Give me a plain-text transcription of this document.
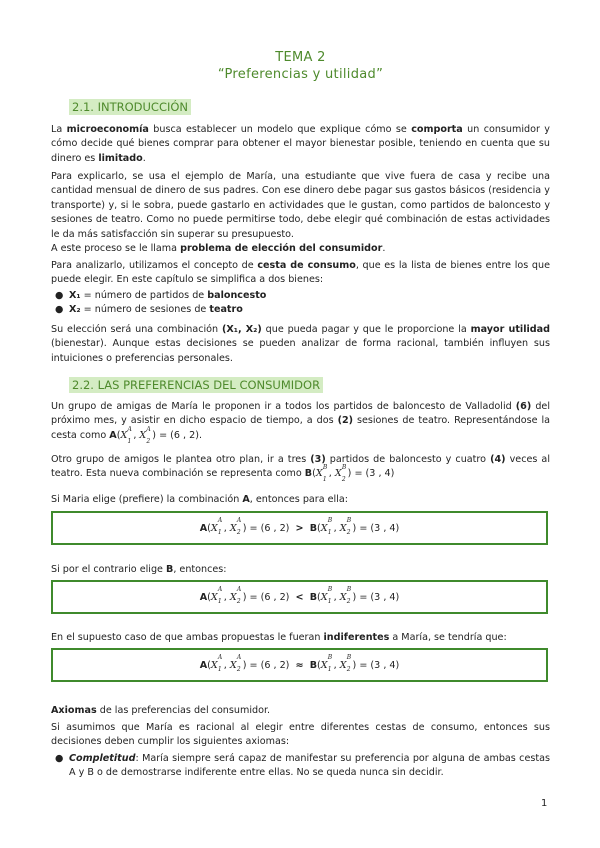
TEMA 2
“Preferencias y utilidad”
2.1. INTRODUCCIÓN

La microeconomía busca establecer un modelo que explique cómo se comporta un consumidor y cómo decide qué bienes comprar para obtener el mayor bienestar posible, teniendo en cuenta que su dinero es limitado.

Para explicarlo, se usa el ejemplo de María, una estudiante que vive fuera de casa y recibe una cantidad mensual de dinero de sus padres. Con ese dinero debe pagar sus gastos básicos (residencia y transporte) y, si le sobra, puede gastarlo en actividades que le gustan, como partidos de baloncesto y sesiones de teatro. Como no puede permitirse todo, debe elegir qué combinación de estas actividades le da más satisfacción sin superar su presupuesto.

A este proceso se le llama problema de elección del consumidor.

Para analizarlo, utilizamos el concepto de cesta de consumo, que es la lista de bienes entre los que puede elegir. En este capítulo se simplifica a dos bienes:

● X₁ = número de partidos de baloncesto
● X₂ = número de sesiones de teatro

Su elección será una combinación (X₁, X₂) que pueda pagar y que le proporcione la mayor utilidad (bienestar). Aunque estas decisiones se pueden analizar de forma racional, también influyen sus intuiciones o preferencias personales.

2.2. LAS PREFERENCIAS DEL CONSUMIDOR

Un grupo de amigas de María le proponen ir a todos los partidos de baloncesto de Valladolid (6) del próximo mes, y asistir en dicho espacio de tiempo, a dos (2) sesiones de teatro. Representándose la cesta como A(X
A
1
, X
A
2
) = (6 , 2).

Otro grupo de amigos le plantea otro plan, ir a tres (3) partidos de baloncesto y cuatro (4) veces al teatro. Esta nueva combinación se representa como B(X
B
1
, X
B
2
) = (3 , 4)

Si Maria elige (prefiere) la combinación A, entonces para ella:

A(X
A
1 , X
A
2 ) = (6 , 2) > B(X
B
1 , X
B
2 ) = (3 , 4)

Si por el contrario elige B, entonces:

A(X
A
1 , X
A
2 ) = (6 , 2) < B(X
B
1 , X
B
2 ) = (3 , 4)

En el supuesto caso de que ambas propuestas le fueran indiferentes a María, se tendría que:

A(X
A
1 , X
A
2 ) = (6 , 2) ≈ B(X
B
1 , X
B
2 ) = (3 , 4)

Axiomas de las preferencias del consumidor.

Si asumimos que María es racional al elegir entre diferentes cestas de consumo, entonces sus decisiones deben cumplir los siguientes axiomas:

● Completitud: María siempre será capaz de manifestar su preferencia por alguna de ambas cestas A y B o de demostrarse indiferente entre ellas. No se queda nunca sin decidir.
1
